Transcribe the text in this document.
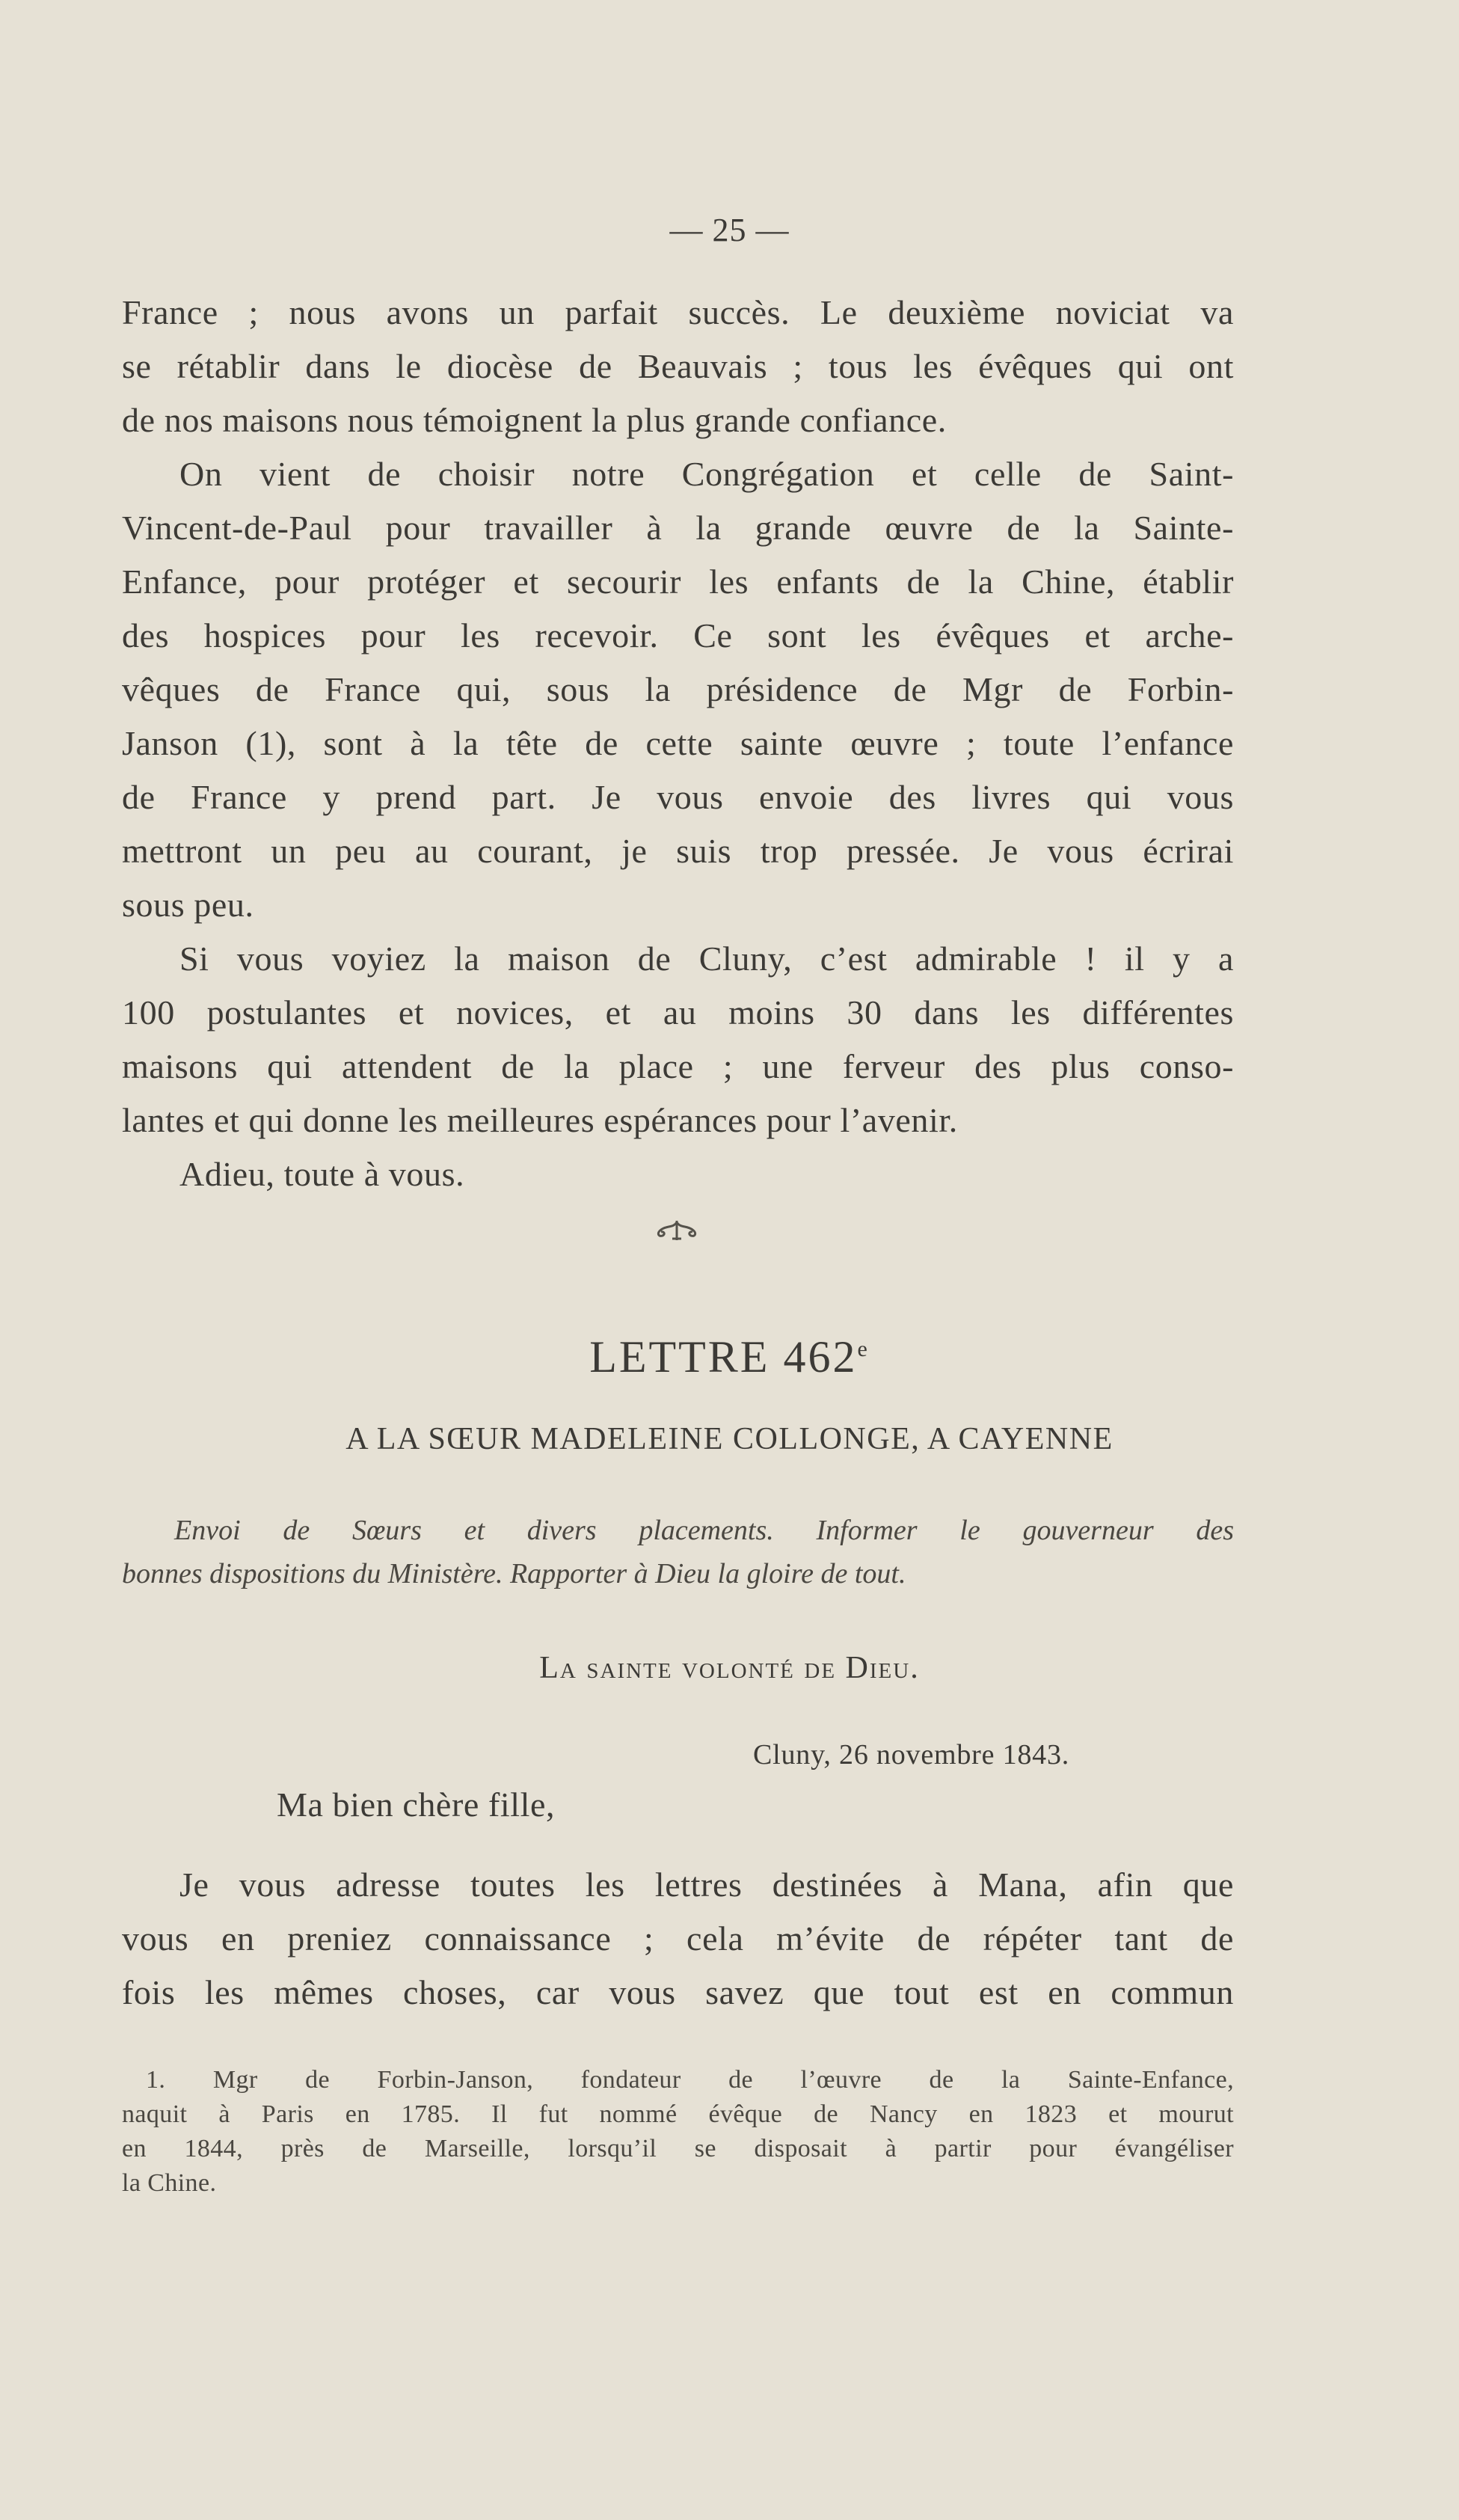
— 25 —
France ; nous avons un parfait succès. Le deuxième noviciat va
se rétablir dans le diocèse de Beauvais ; tous les évêques qui ont
de nos maisons nous témoignent la plus grande confiance.
On vient de choisir notre Congrégation et celle de Saint-
Vincent-de-Paul pour travailler à la grande œuvre de la Sainte-
Enfance, pour protéger et secourir les enfants de la Chine, établir
des hospices pour les recevoir. Ce sont les évêques et arche-
vêques de France qui, sous la présidence de Mgr de Forbin-
Janson (1), sont à la tête de cette sainte œuvre ; toute l’enfance
de France y prend part. Je vous envoie des livres qui vous
mettront un peu au courant, je suis trop pressée. Je vous écrirai
sous peu.
Si vous voyiez la maison de Cluny, c’est admirable ! il y a
100 postulantes et novices, et au moins 30 dans les différentes
maisons qui attendent de la place ; une ferveur des plus conso-
lantes et qui donne les meilleures espérances pour l’avenir.
Adieu, toute à vous.
LETTRE 462e
A LA SŒUR MADELEINE COLLONGE, A CAYENNE
Envoi de Sœurs et divers placements. Informer le gouverneur des
bonnes dispositions du Ministère. Rapporter à Dieu la gloire de tout.
La sainte volonté de Dieu.
Cluny, 26 novembre 1843.
Ma bien chère fille,
Je vous adresse toutes les lettres destinées à Mana, afin que
vous en preniez connaissance ; cela m’évite de répéter tant de
fois les mêmes choses, car vous savez que tout est en commun
1. Mgr de Forbin-Janson, fondateur de l’œuvre de la Sainte-Enfance,
naquit à Paris en 1785. Il fut nommé évêque de Nancy en 1823 et mourut
en 1844, près de Marseille, lorsqu’il se disposait à partir pour évangéliser
la Chine.
